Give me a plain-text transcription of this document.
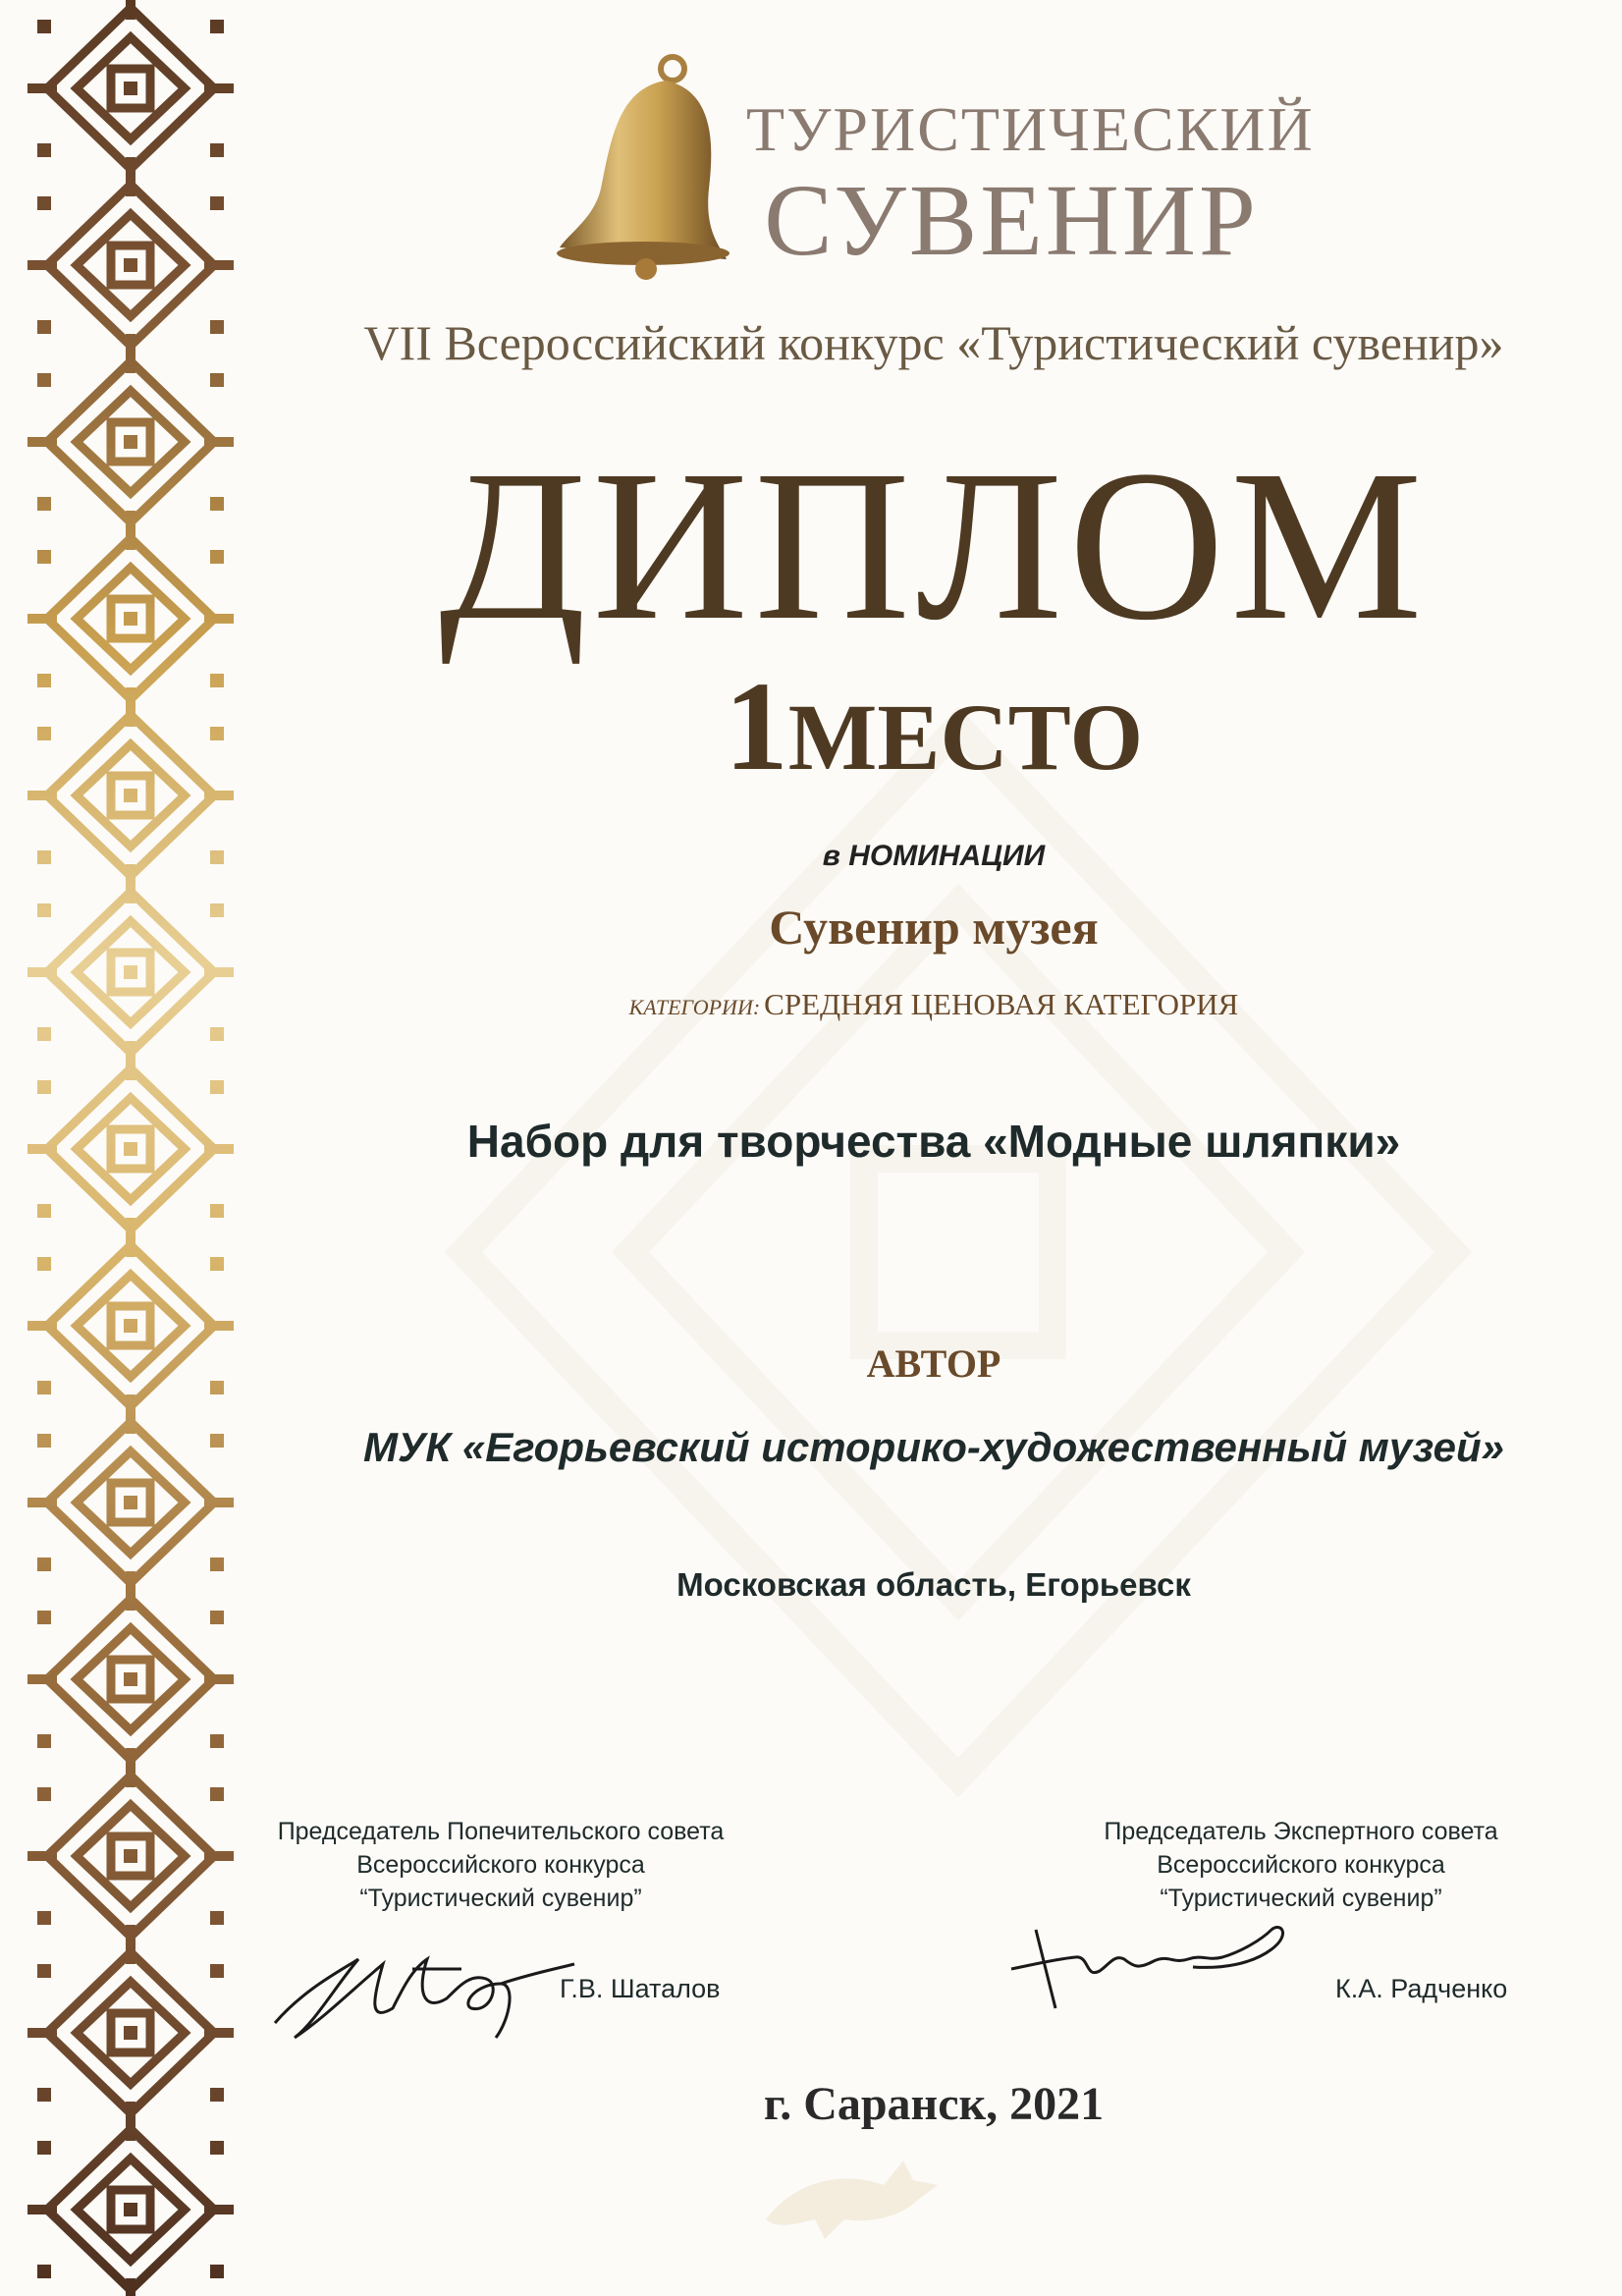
ТУРИСТИЧЕСКИЙ
СУВЕНИР
VII Всероссийский конкурс «Туристический сувенир»
ДИПЛОМ
1МЕСТО
в НОМИНАЦИИ
Сувенир музея
КАТЕГОРИИ: СРЕДНЯЯ ЦЕНОВАЯ КАТЕГОРИЯ
Набор для творчества «Модные шляпки»
АВТОР
МУК «Егорьевский историко-художественный музей»
Московская область, Егорьевск
Председатель Попечительского совета
Всероссийского конкурса
“Туристический сувенир”
Г.В. Шаталов
Председатель Экспертного совета
Всероссийского конкурса
“Туристический сувенир”
К.А. Радченко
г. Саранск, 2021
